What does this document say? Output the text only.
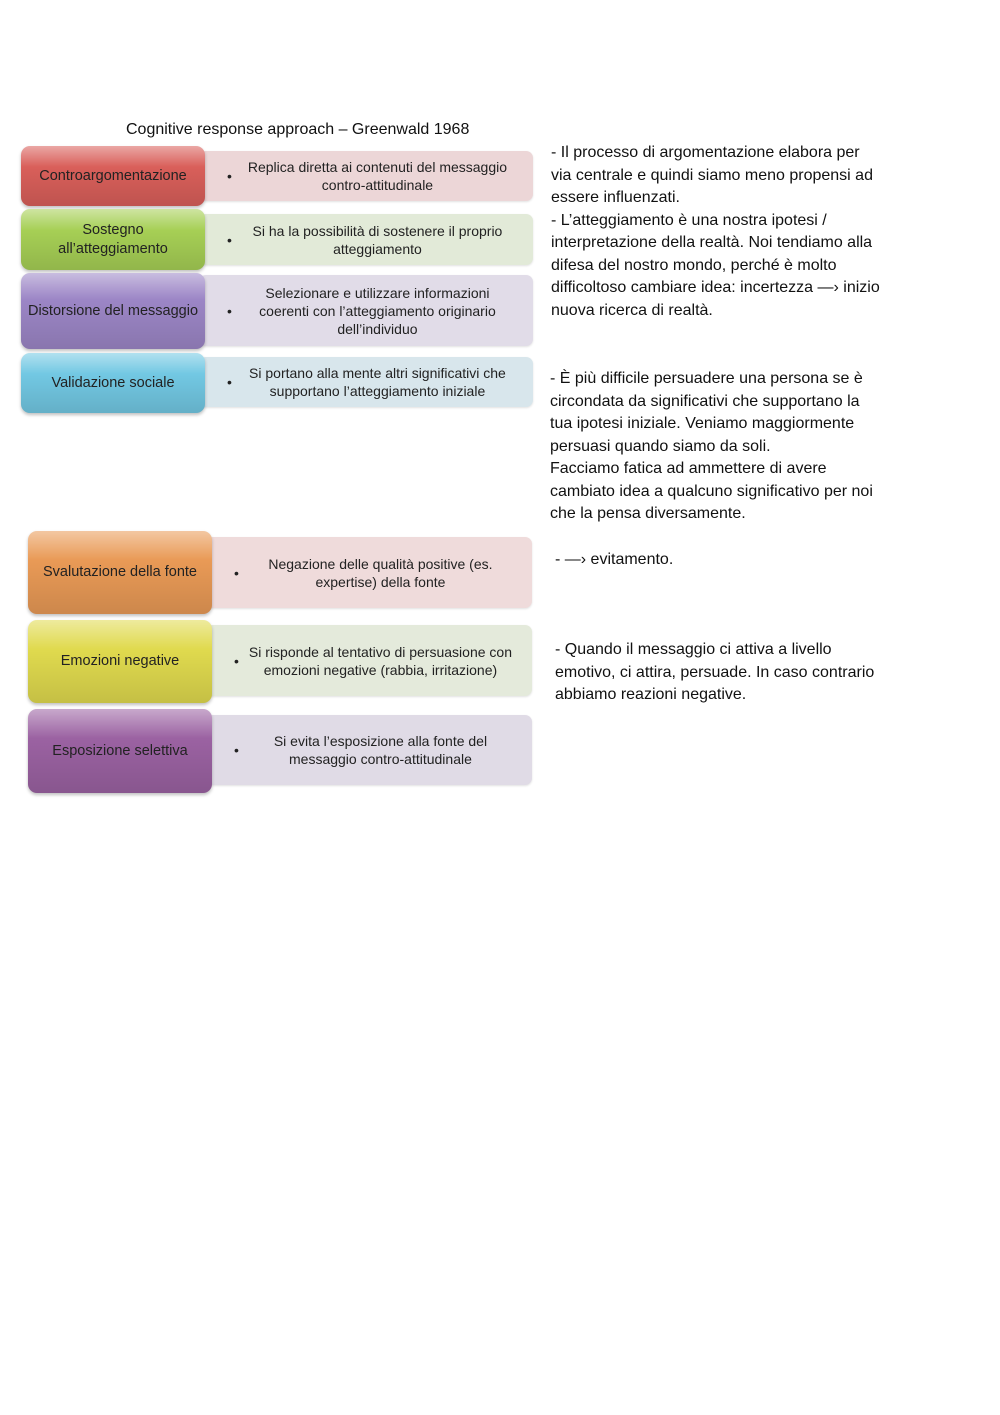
Cognitive response approach – Greenwald 1968
Controargomentazione	•
Replica diretta ai contenuti del messaggio contro-attitudinale
Sostegno all’atteggiamento
•
Si ha la possibilità di sostenere il proprio atteggiamento
Distorsione del messaggio	•
Selezionare e utilizzare informazioni coerenti con l’atteggiamento originario dell’individuo
Validazione sociale	•
Si portano alla mente altri significativi che supportano l’atteggiamento iniziale
Svalutazione della fonte	•
Negazione delle qualità positive (es. expertise) della fonte
Emozioni negative	•
Si risponde al tentativo di persuasione con emozioni negative (rabbia, irritazione)
Esposizione selettiva	•
Si evita l’esposizione alla fonte del messaggio contro-attitudinale

- Il processo di argomentazione elabora per

via centrale e quindi siamo meno propensi ad

essere influenzati.

- L’atteggiamento è una nostra ipotesi /

interpretazione della realtà. Noi tendiamo alla

difesa del nostro mondo, perché è molto

difficoltoso cambiare idea: incertezza —› inizio

nuova ricerca di realtà.

- È più difficile persuadere una persona se è

circondata da significativi che supportano la

tua ipotesi iniziale. Veniamo maggiormente

persuasi quando siamo da soli.

Facciamo fatica ad ammettere di avere

cambiato idea a qualcuno significativo per noi

che la pensa diversamente.

- —› evitamento.

- Quando il messaggio ci attiva a livello

emotivo, ci attira, persuade. In caso contrario

abbiamo reazioni negative.
